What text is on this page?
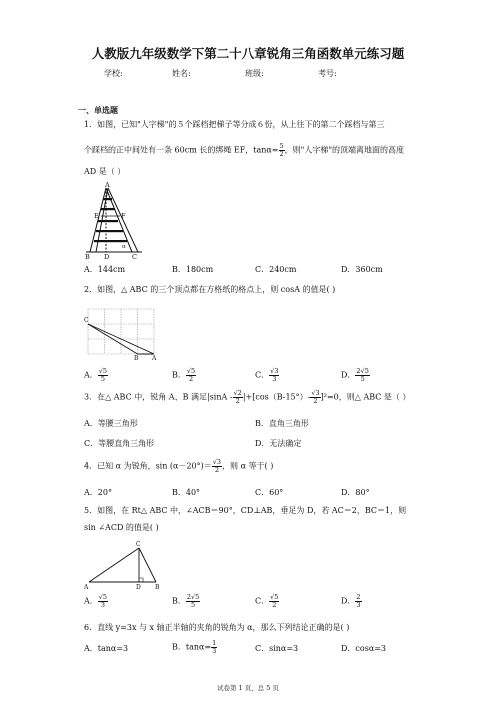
人教版九年级数学下第二十八章锐角三角函数单元练习题
学校:	姓名:	班级:	考号:
一、单选题
1．如图，已知"人字梯"的５个踩档把梯子等分成６份，从上往下的第二个踩档与第三
个踩档的正中间处有一条 60cm 长的绑绳 EF，$\tan\alpha= \frac{5}{2}$ ，则"人字梯"的顶端离地面的高度
AD 是（ ）
A
E	F
B D	C
α
A．144cm	B．180cm	C．240cm	D．360cm
2．如图，△ ABC 的三个顶点都在方格纸的格点上，则 cosA 的值是( )
C
B A
A． $\frac{√5}{5}$	B． $\frac{√5}{2}$	C． $\frac{√3}{3}$	D． $\frac{2√5}{5}$
3．在△ ABC 中，锐角 A、B 满足$|\sin A - \frac{√2}{2} |+[\cos(B-15^\circ)- \frac{√3}{2} ]^2=0$，则△ ABC 是（ ）
A．等腰三角形	B．直角三角形
C．等腰直角三角形	D．无法确定
4．已知 α 为锐角，$\sin (\alpha-20^\circ)= \frac{√3}{2}$ ，则 α 等于( )
A．20°	B．40°	C．60°	D．80°
5．如图，在 Rt△ ABC 中，∠ACB＝90°，CD⊥AB，垂足为 D，若 AC＝2，BC＝1，则
sin ∠ACD 的值是( )
C
A	D B
A． $\frac{√5}{3}$	B． $\frac{2√5}{5}$	C． $\frac{√5}{2}$	D． $\frac{2}{3}$
6．直线 y=3x 与 x 轴正半轴的夹角的锐角为 α，那么下列结论正确的是( )
A．tanα=3	B．$\tan\alpha= \frac{1}{3}$	C．sinα=3	D．cosα=3
试卷第 1 页，总 5 页
